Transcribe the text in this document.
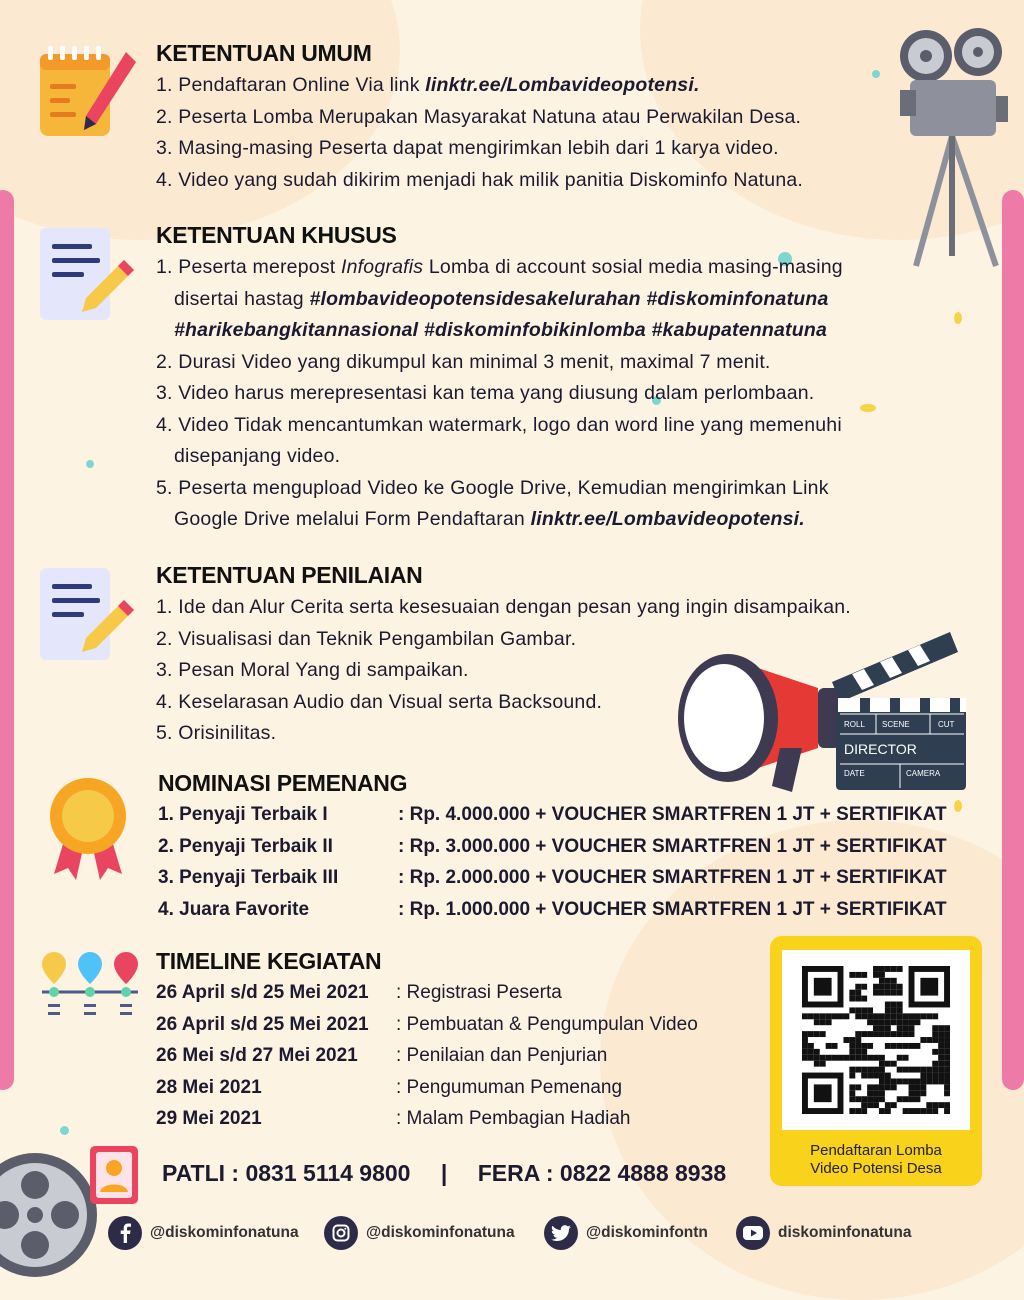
ROLL SCENE	CUT
DIRECTOR
DATE	CAMERA
KETENTUAN UMUM
1. Pendaftaran Online Via link linktr.ee/Lombavideopotensi.
2. Peserta Lomba Merupakan Masyarakat Natuna atau Perwakilan Desa.
3. Masing-masing Peserta dapat mengirimkan lebih dari 1 karya video.
4. Video yang sudah dikirim menjadi hak milik panitia Diskominfo Natuna.
KETENTUAN KHUSUS
1. Peserta merepost Infografis Lomba di account sosial media masing-masing
disertai hastag #lombavideopotensidesakelurahan #diskominfonatuna
#harikebangkitannasional #diskominfobikinlomba #kabupatennatuna
2. Durasi Video yang dikumpul kan minimal 3 menit, maximal 7 menit.
3. Video harus merepresentasi kan tema yang diusung dalam perlombaan.
4. Video Tidak mencantumkan watermark, logo dan word line yang memenuhi
disepanjang video.
5. Peserta mengupload Video ke Google Drive, Kemudian mengirimkan Link
Google Drive melalui Form Pendaftaran linktr.ee/Lombavideopotensi.
KETENTUAN PENILAIAN
1. Ide dan Alur Cerita serta kesesuaian dengan pesan yang ingin disampaikan.
2. Visualisasi dan Teknik Pengambilan Gambar.
3. Pesan Moral Yang di sampaikan.
4. Keselarasan Audio dan Visual serta Backsound.
5. Orisinilitas.
NOMINASI PEMENANG
1. Penyaji Terbaik I	: Rp. 4.000.000 + VOUCHER SMARTFREN 1 JT + SERTIFIKAT
2. Penyaji Terbaik II	: Rp. 3.000.000 + VOUCHER SMARTFREN 1 JT + SERTIFIKAT
3. Penyaji Terbaik III	: Rp. 2.000.000 + VOUCHER SMARTFREN 1 JT + SERTIFIKAT
4. Juara Favorite	: Rp. 1.000.000 + VOUCHER SMARTFREN 1 JT + SERTIFIKAT
TIMELINE KEGIATAN
26 April s/d 25 Mei 2021	: Registrasi Peserta
26 April s/d 25 Mei 2021	: Pembuatan & Pengumpulan Video
26 Mei s/d 27 Mei 2021	: Penilaian dan Penjurian
28 Mei 2021	: Pengumuman Pemenang
29 Mei 2021	: Malam Pembagian Hadiah
Pendaftaran Lomba
Video Potensi Desa
PATLI : 0831 5114 9800 | FERA : 0822 4888 8938
@diskominfonatuna	@diskominfonatuna	@diskominfontn	diskominfonatuna
